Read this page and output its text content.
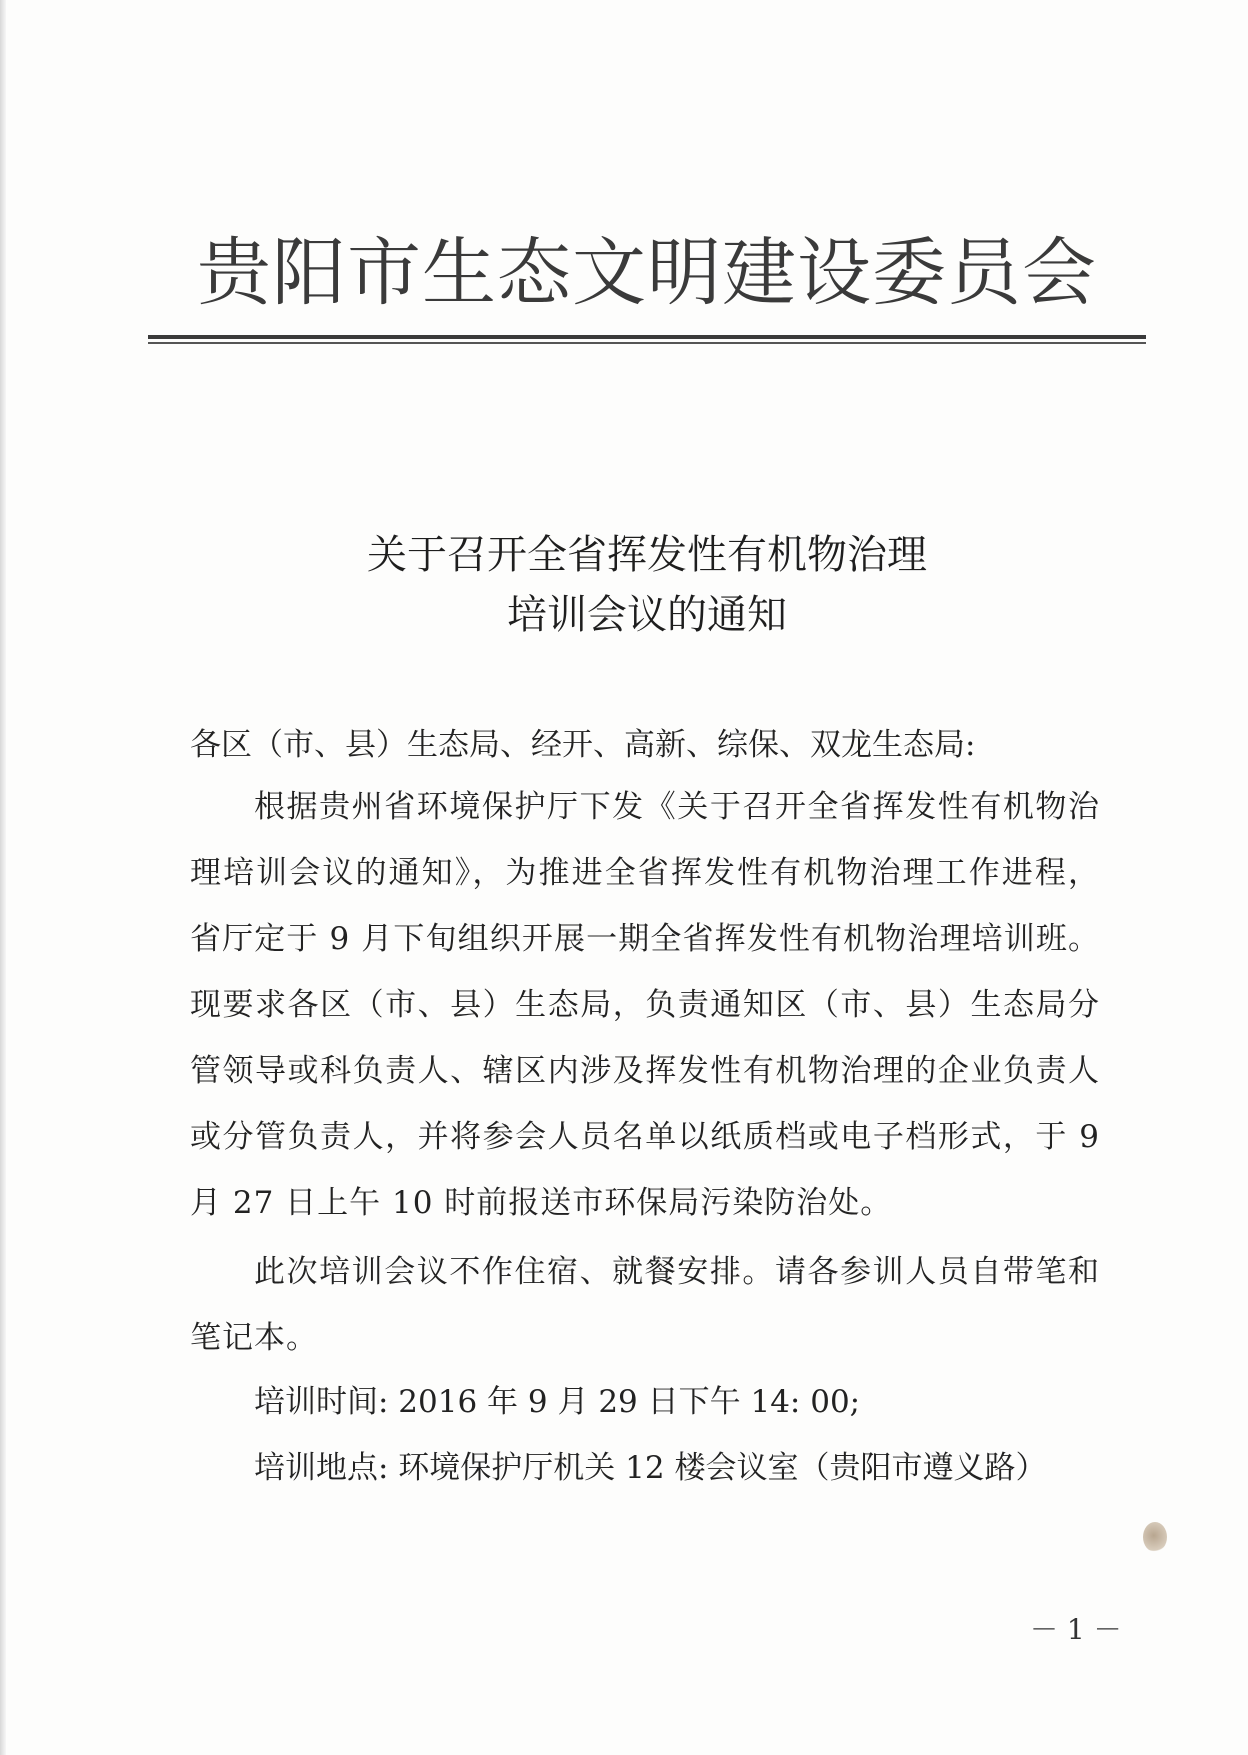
贵阳市生态文明建设委员会
关于召开全省挥发性有机物治理
培训会议的通知
各区（市、县）生态局、经开、高新、综保、双龙生态局:
根据贵州省环境保护厅下发《关于召开全省挥发性有机物治理培训会议的通知》，为推进全省挥发性有机物治理工作进程，省厅定于 9 月下旬组织开展一期全省挥发性有机物治理培训班。现要求各区（市、县）生态局，负责通知区（市、县）生态局分管领导或科负责人、辖区内涉及挥发性有机物治理的企业负责人或分管负责人，并将参会人员名单以纸质档或电子档形式，于 9 月 27 日上午 10 时前报送市环保局污染防治处。
此次培训会议不作住宿、就餐安排。请各参训人员自带笔和笔记本。
培训时间: 2016 年 9 月 29 日下午 14: 00;
培训地点: 环境保护厅机关 12 楼会议室（贵阳市遵义路）
－ 1 －
